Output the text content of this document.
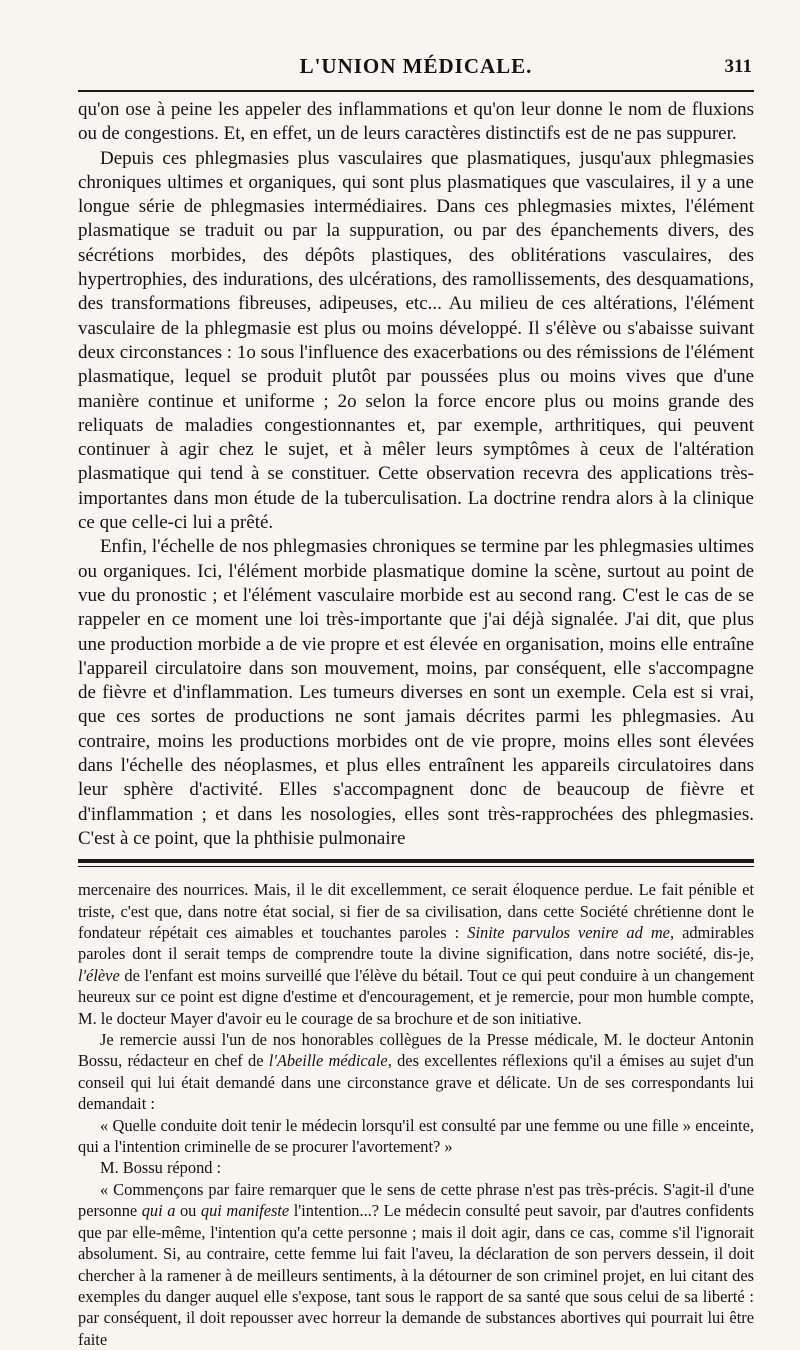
L'UNION MÉDICALE.	311

qu'on ose à peine les appeler des inflammations et qu'on leur donne le nom de fluxions ou de congestions. Et, en effet, un de leurs caractères distinctifs est de ne pas suppurer.

Depuis ces phlegmasies plus vasculaires que plasmatiques, jusqu'aux phlegmasies chroniques ultimes et organiques, qui sont plus plasmatiques que vasculaires, il y a une longue série de phlegmasies intermédiaires. Dans ces phlegmasies mixtes, l'élément plasmatique se traduit ou par la suppuration, ou par des épanchements divers, des sécrétions morbides, des dépôts plastiques, des oblitérations vasculaires, des hypertrophies, des indurations, des ulcérations, des ramollissements, des desquamations, des transformations fibreuses, adipeuses, etc... Au milieu de ces altérations, l'élément vasculaire de la phlegmasie est plus ou moins développé. Il s'élève ou s'abaisse suivant deux circonstances : 1o sous l'influence des exacerbations ou des rémissions de l'élément plasmatique, lequel se produit plutôt par poussées plus ou moins vives que d'une manière continue et uniforme ; 2o selon la force encore plus ou moins grande des reliquats de maladies congestionnantes et, par exemple, arthritiques, qui peuvent continuer à agir chez le sujet, et à mêler leurs symptômes à ceux de l'altération plasmatique qui tend à se constituer. Cette observation recevra des applications très-importantes dans mon étude de la tuberculisation. La doctrine rendra alors à la clinique ce que celle-ci lui a prêté.

Enfin, l'échelle de nos phlegmasies chroniques se termine par les phlegmasies ultimes ou organiques. Ici, l'élément morbide plasmatique domine la scène, surtout au point de vue du pronostic ; et l'élément vasculaire morbide est au second rang. C'est le cas de se rappeler en ce moment une loi très-importante que j'ai déjà signalée. J'ai dit, que plus une production morbide a de vie propre et est élevée en organisation, moins elle entraîne l'appareil circulatoire dans son mouvement, moins, par conséquent, elle s'accompagne de fièvre et d'inflammation. Les tumeurs diverses en sont un exemple. Cela est si vrai, que ces sortes de productions ne sont jamais décrites parmi les phlegmasies. Au contraire, moins les productions morbides ont de vie propre, moins elles sont élevées dans l'échelle des néoplasmes, et plus elles entraînent les appareils circulatoires dans leur sphère d'activité. Elles s'accompagnent donc de beaucoup de fièvre et d'inflammation ; et dans les nosologies, elles sont très-rapprochées des phlegmasies. C'est à ce point, que la phthisie pulmonaire

mercenaire des nourrices. Mais, il le dit excellemment, ce serait éloquence perdue. Le fait pénible et triste, c'est que, dans notre état social, si fier de sa civilisation, dans cette Société chrétienne dont le fondateur répétait ces aimables et touchantes paroles : Sinite parvulos venire ad me, admirables paroles dont il serait temps de comprendre toute la divine signification, dans notre société, dis-je, l'élève de l'enfant est moins surveillé que l'élève du bétail. Tout ce qui peut conduire à un changement heureux sur ce point est digne d'estime et d'encouragement, et je remercie, pour mon humble compte, M. le docteur Mayer d'avoir eu le courage de sa brochure et de son initiative.

Je remercie aussi l'un de nos honorables collègues de la Presse médicale, M. le docteur Antonin Bossu, rédacteur en chef de l'Abeille médicale, des excellentes réflexions qu'il a émises au sujet d'un conseil qui lui était demandé dans une circonstance grave et délicate. Un de ses correspondants lui demandait :

« Quelle conduite doit tenir le médecin lorsqu'il est consulté par une femme ou une fille » enceinte, qui a l'intention criminelle de se procurer l'avortement? »

M. Bossu répond :

« Commençons par faire remarquer que le sens de cette phrase n'est pas très-précis. S'agit-il d'une personne qui a ou qui manifeste l'intention...? Le médecin consulté peut savoir, par d'autres confidents que par elle-même, l'intention qu'a cette personne ; mais il doit agir, dans ce cas, comme s'il l'ignorait absolument. Si, au contraire, cette femme lui fait l'aveu, la déclaration de son pervers dessein, il doit chercher à la ramener à de meilleurs sentiments, à la détourner de son criminel projet, en lui citant des exemples du danger auquel elle s'expose, tant sous le rapport de sa santé que sous celui de sa liberté : par conséquent, il doit repousser avec horreur la demande de substances abortives qui pourrait lui être faite
